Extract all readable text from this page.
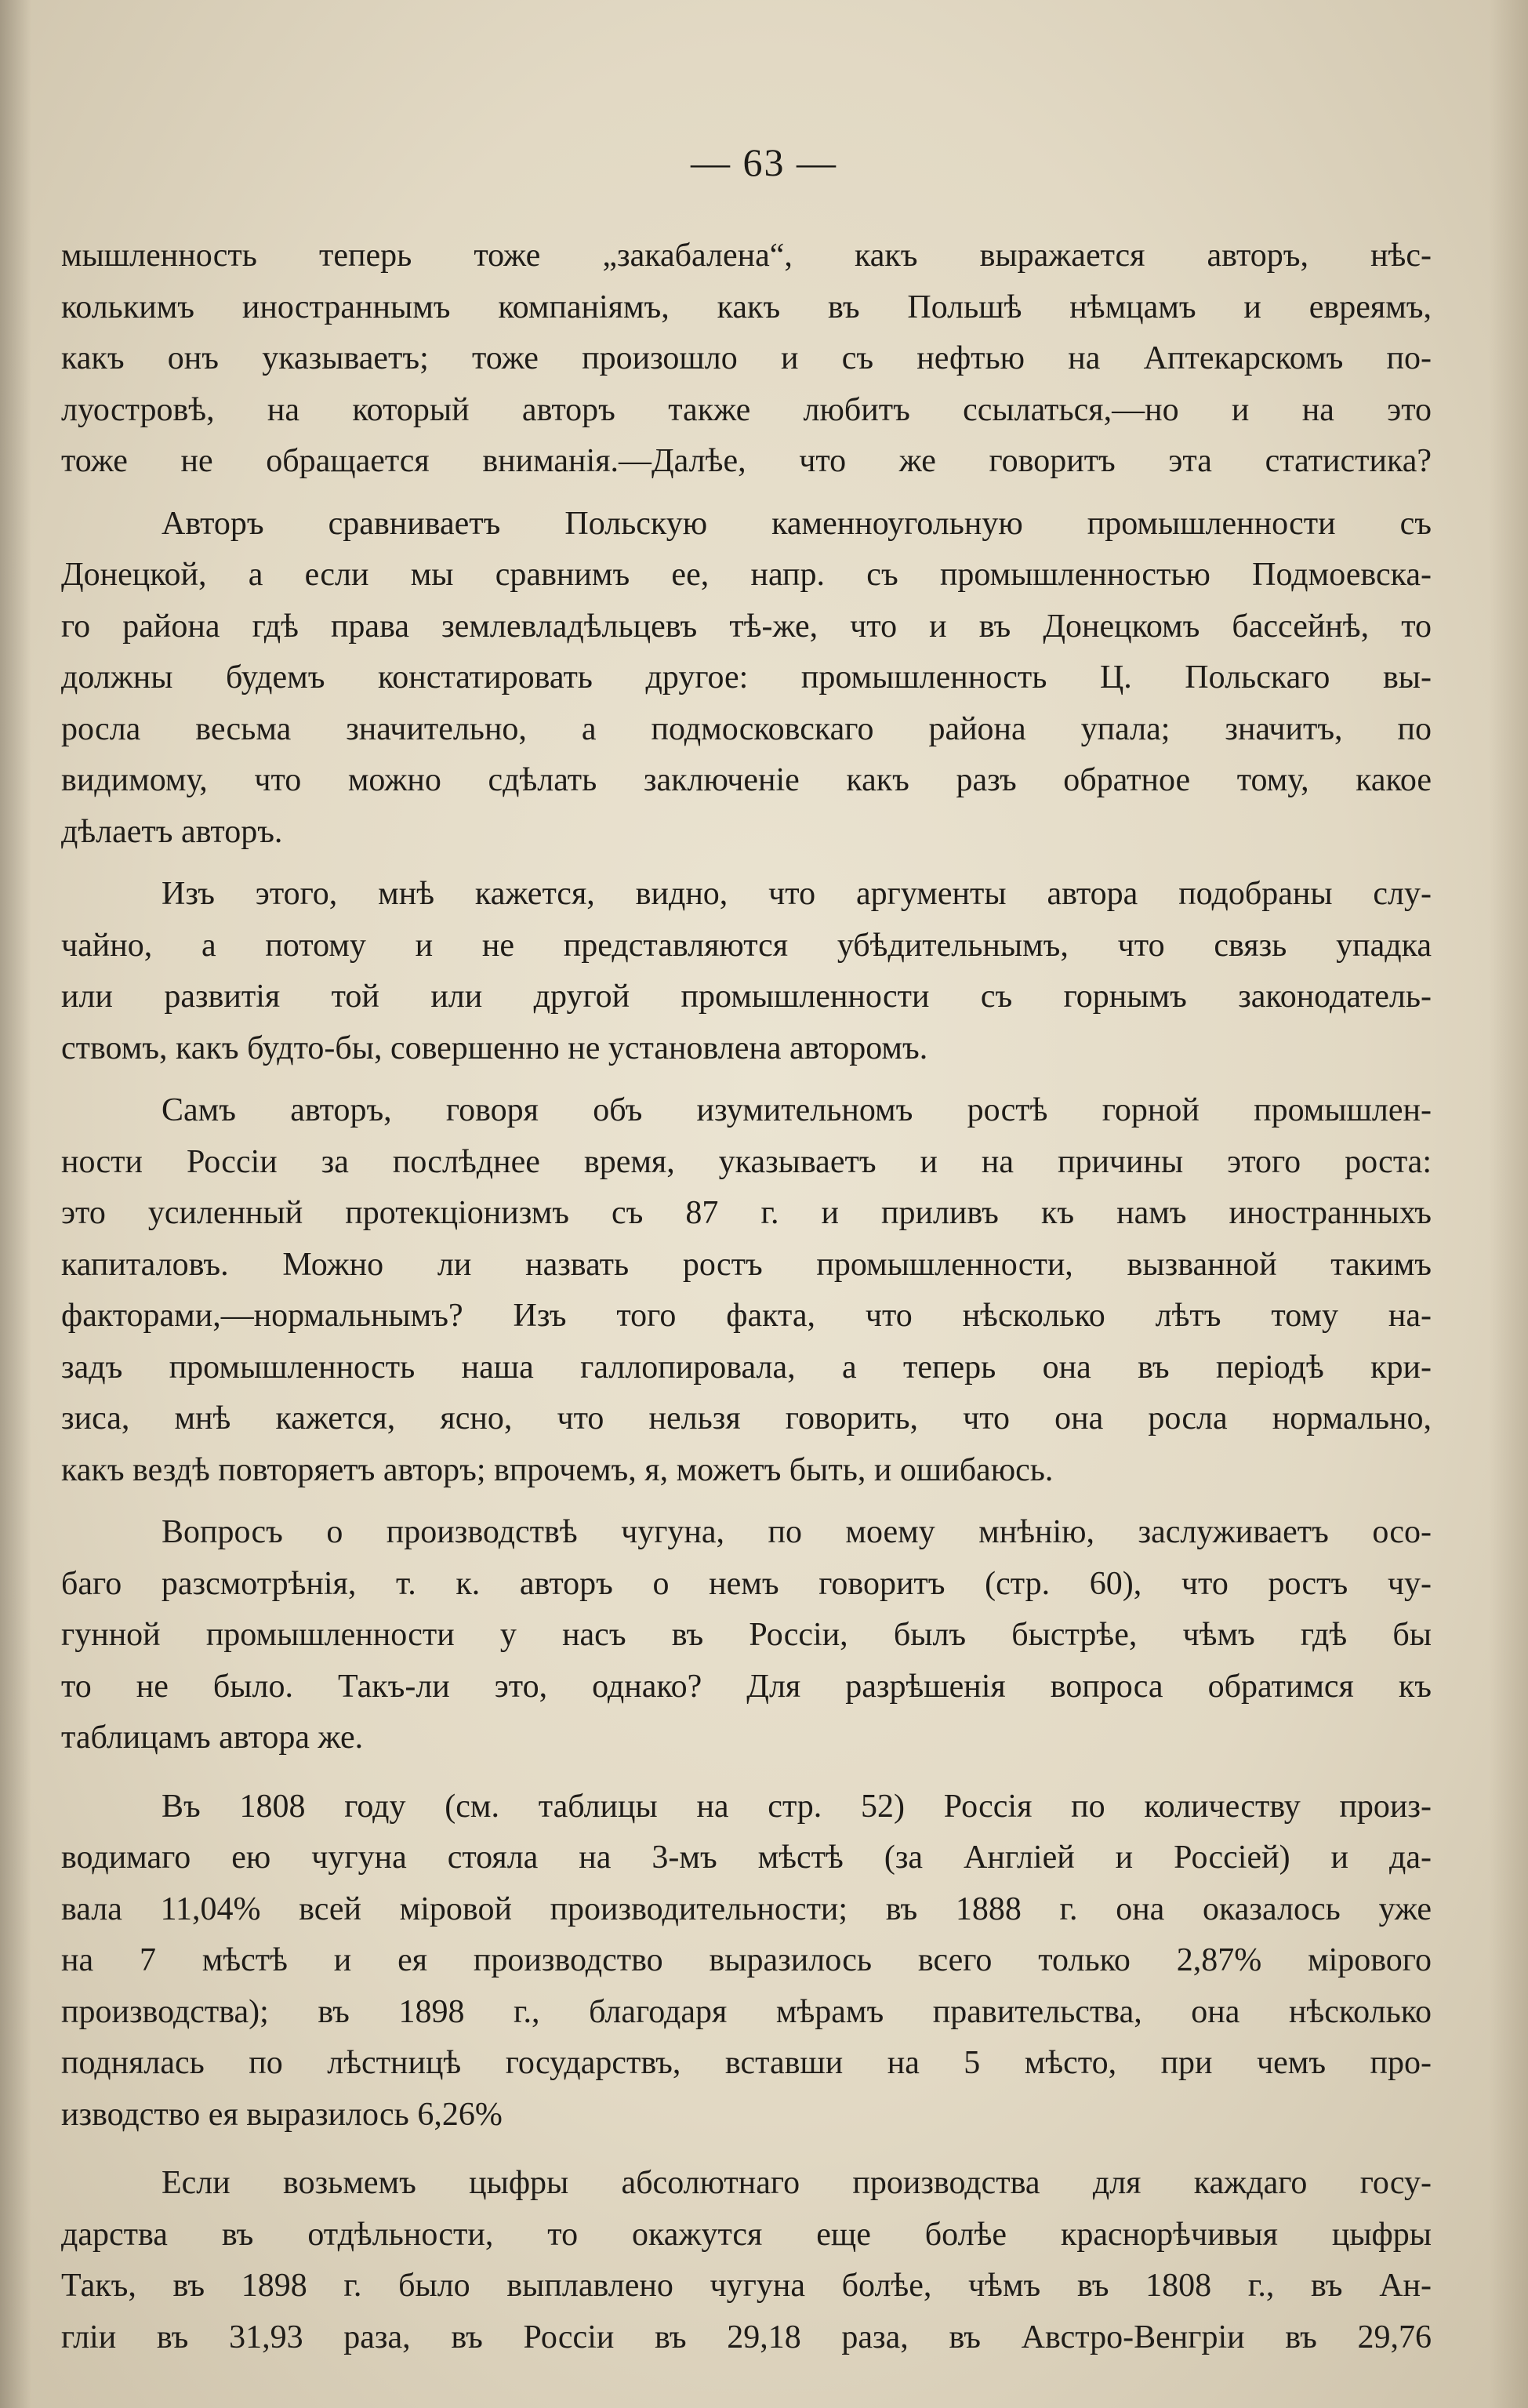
— 63 —
мышленность теперь тоже „закабалена“, какъ выражается авторъ, нѣс-
колькимъ иностраннымъ компаніямъ, какъ въ Польшѣ нѣмцамъ и евреямъ,
какъ онъ указываетъ; тоже произошло и съ нефтью на Аптекарскомъ по-
луостровѣ, на который авторъ также любитъ ссылаться,—но и на это
тоже не обращается вниманія.—Далѣе, что же говоритъ эта статистика?
Авторъ сравниваетъ Польскую каменноугольную промышленности съ
Донецкой, а если мы сравнимъ ее, напр. съ промышленностью Подмоевска-
го района гдѣ права землевладѣльцевъ тѣ-же, что и въ Донецкомъ бассейнѣ, то
должны будемъ констатировать другое: промышленность Ц. Польскаго вы-
росла весьма значительно, а подмосковскаго района упала; значитъ, по
видимому, что можно сдѣлать заключеніе какъ разъ обратное тому, какое
дѣлаетъ авторъ.
Изъ этого, мнѣ кажется, видно, что аргументы автора подобраны слу-
чайно, а потому и не представляются убѣдительнымъ, что связь упадка
или развитія той или другой промышленности съ горнымъ законодатель-
ствомъ, какъ будто-бы, совершенно не установлена авторомъ.
Самъ авторъ, говоря объ изумительномъ ростѣ горной промышлен-
ности Россіи за послѣднее время, указываетъ и на причины этого роста:
это усиленный протекціонизмъ съ 87 г. и приливъ къ намъ иностранныхъ
капиталовъ. Можно ли назвать ростъ промышленности, вызванной такимъ
факторами,—нормальнымъ? Изъ того факта, что нѣсколько лѣтъ тому на-
задъ промышленность наша галлопировала, а теперь она въ періодѣ кри-
зиса, мнѣ кажется, ясно, что нельзя говорить, что она росла нормально,
какъ вездѣ повторяетъ авторъ; впрочемъ, я, можетъ быть, и ошибаюсь.
Вопросъ о производствѣ чугуна, по моему мнѣнію, заслуживаетъ осо-
баго разсмотрѣнія, т. к. авторъ о немъ говоритъ (стр. 60), что ростъ чу-
гунной промышленности у насъ въ Россіи, былъ быстрѣе, чѣмъ гдѣ бы
то не было. Такъ-ли это, однако? Для разрѣшенія вопроса обратимся къ
таблицамъ автора же.
Въ 1808 году (см. таблицы на стр. 52) Россія по количеству произ-
водимаго ею чугуна стояла на 3-мъ мѣстѣ (за Англіей и Россіей) и да-
вала 11,04% всей міровой производительности; въ 1888 г. она оказалось уже
на 7 мѣстѣ и ея производство выразилось всего только 2,87% мірового
производства); въ 1898 г., благодаря мѣрамъ правительства, она нѣсколько
поднялась по лѣстницѣ государствъ, вставши на 5 мѣсто, при чемъ про-
изводство ея выразилось 6,26%
Если возьмемъ цыфры абсолютнаго производства для каждаго госу-
дарства въ отдѣльности, то окажутся еще болѣе краснорѣчивыя цыфры
Такъ, въ 1898 г. было выплавлено чугуна болѣе, чѣмъ въ 1808 г., въ Ан-
гліи въ 31,93 раза, въ Россіи въ 29,18 раза, въ Австро-Венгріи въ 29,76
